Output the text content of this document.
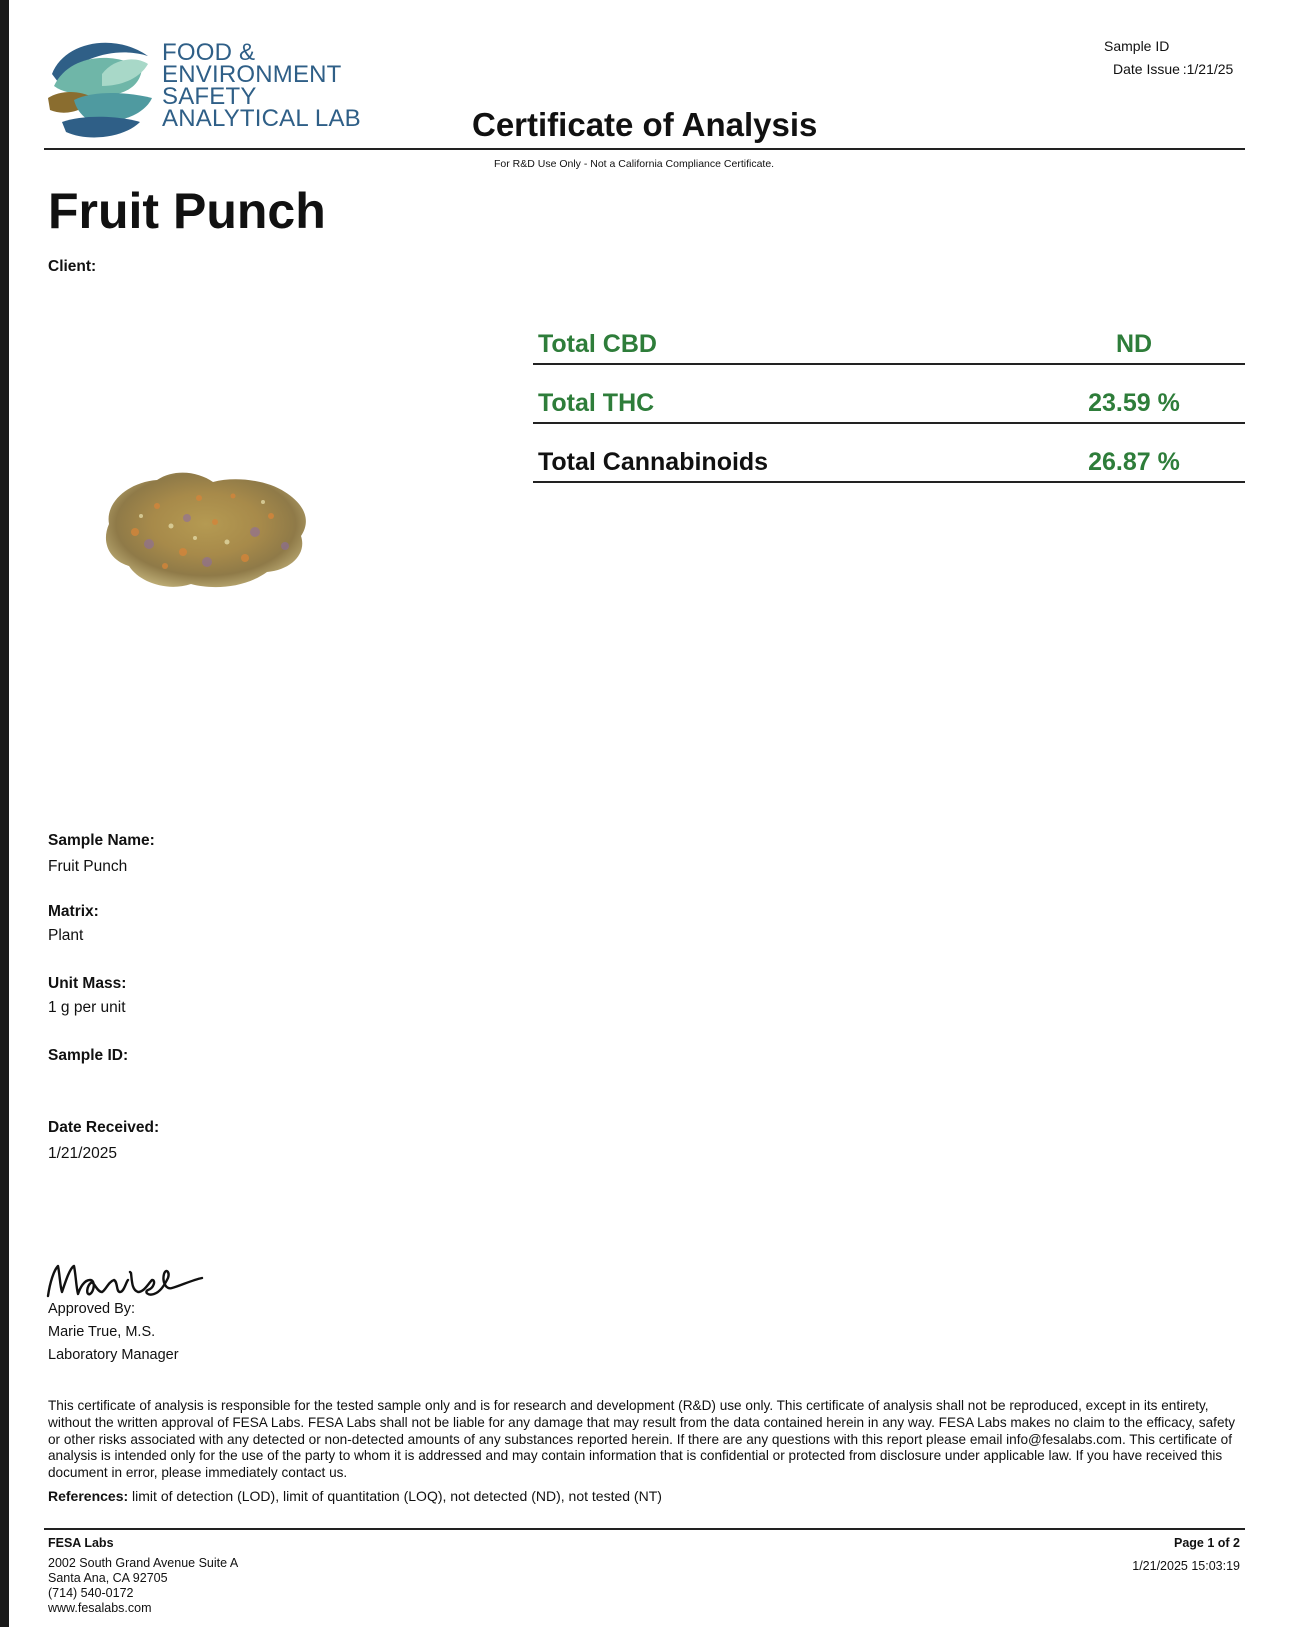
FOOD &
ENVIRONMENT
SAFETY
ANALYTICAL LAB
Sample ID
Date Issue :1/21/25
Certificate of Analysis
For R&D Use Only - Not a California Compliance Certificate.
Fruit Punch
Client:
Total CBD	ND
Total THC	23.59 %
Total Cannabinoids	26.87 %
Sample Name:
Fruit Punch
Matrix:
Plant
Unit Mass:
1 g per unit
Sample ID:
Date Received:
1/21/2025
Approved By:
Marie True, M.S.
Laboratory Manager
This certificate of analysis is responsible for the tested sample only and is for research and development (R&D) use only. This certificate of analysis shall not be reproduced, except in its entirety, without the written approval of FESA Labs. FESA Labs shall not be liable for any damage that may result from the data contained herein in any way. FESA Labs makes no claim to the efficacy, safety or other risks associated with any detected or non-detected amounts of any substances reported herein. If there are any questions with this report please email info@fesalabs.com. This certificate of analysis is intended only for the use of the party to whom it is addressed and may contain information that is confidential or protected from disclosure under applicable law. If you have received this document in error, please immediately contact us.
References: limit of detection (LOD), limit of quantitation (LOQ), not detected (ND), not tested (NT)
FESA Labs
2002 South Grand Avenue Suite A
Santa Ana, CA 92705
(714) 540-0172
www.fesalabs.com
Page 1 of 2
1/21/2025 15:03:19
